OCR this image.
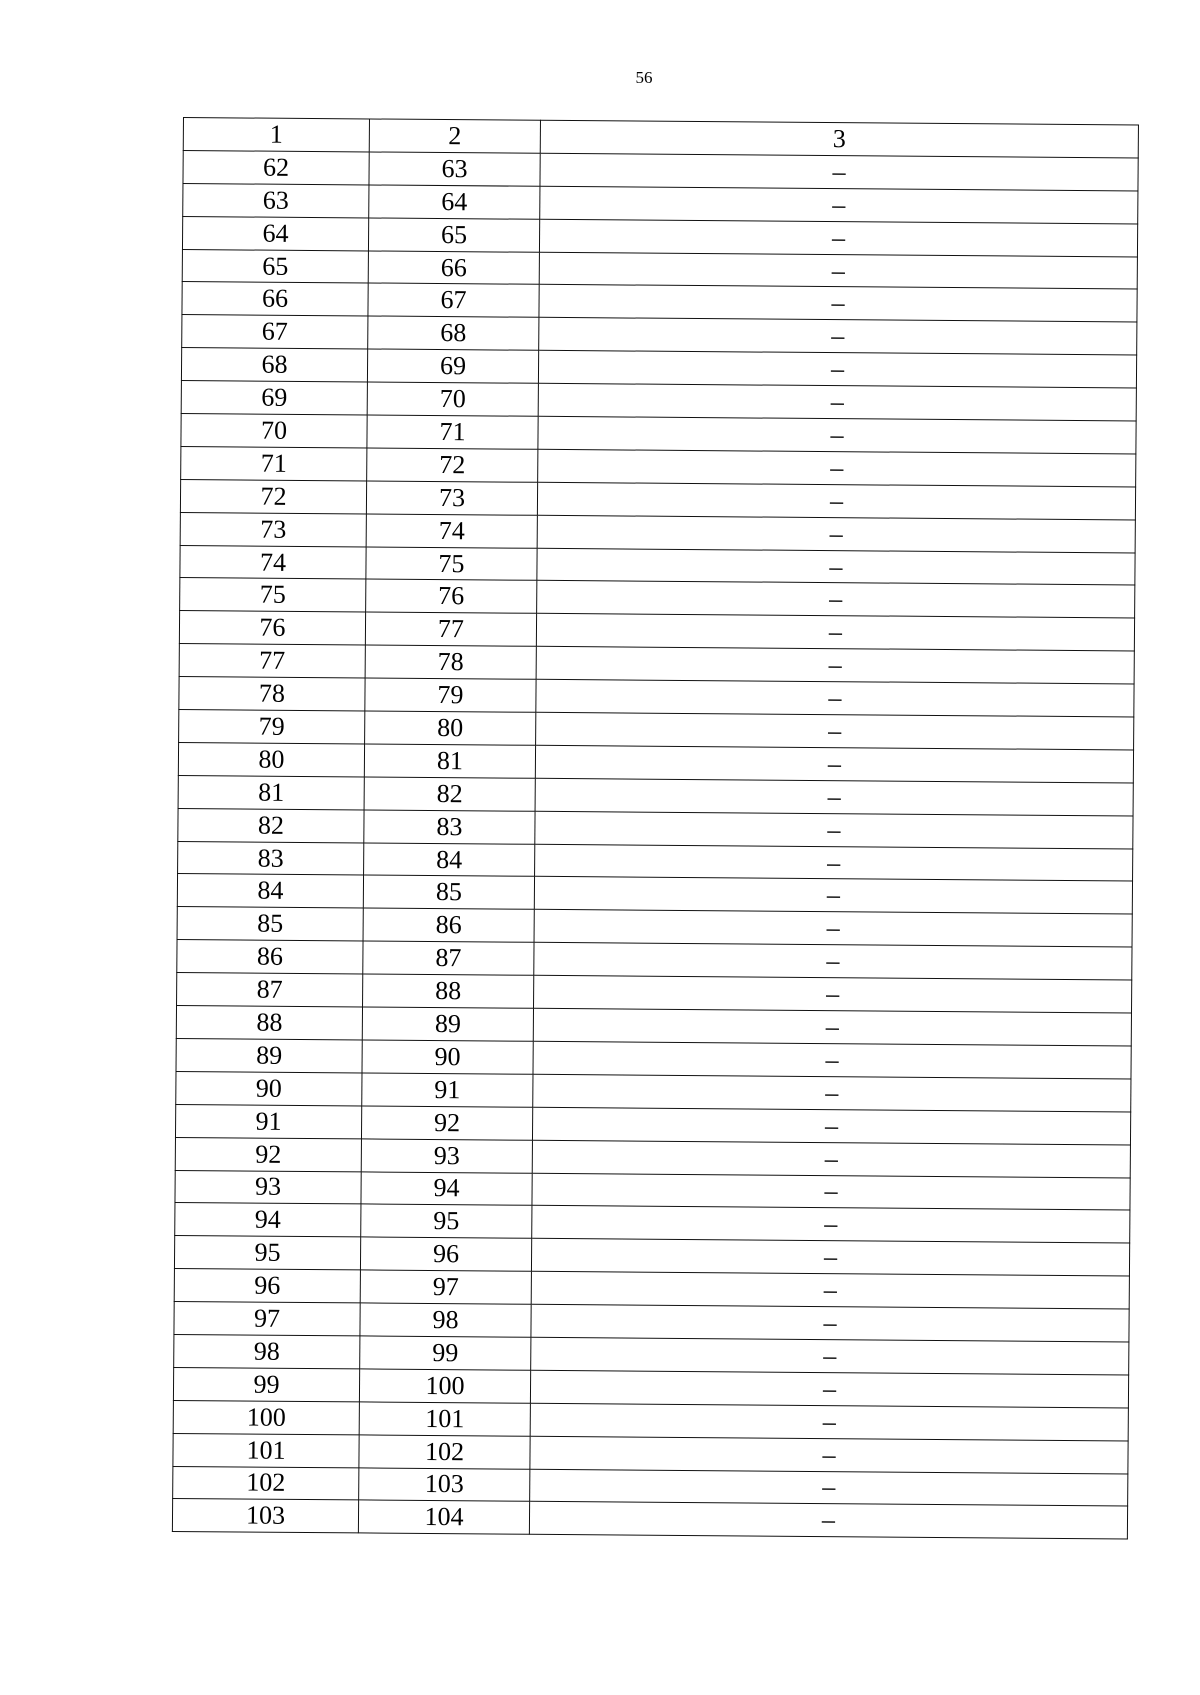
56
1	2	3
62	63	–
63	64	–
64	65	–
65	66	–
66	67	–
67	68	–
68	69	–
69	70	–
70	71	–
71	72	–
72	73	–
73	74	–
74	75	–
75	76	–
76	77	–
77	78	–
78	79	–
79	80	–
80	81	–
81	82	–
82	83	–
83	84	–
84	85	–
85	86	–
86	87	–
87	88	–
88	89	–
89	90	–
90	91	–
91	92	–
92	93	–
93	94	–
94	95	–
95	96	–
96	97	–
97	98	–
98	99	–
99	100	–
100	101	–
101	102	–
102	103	–
103	104	–
